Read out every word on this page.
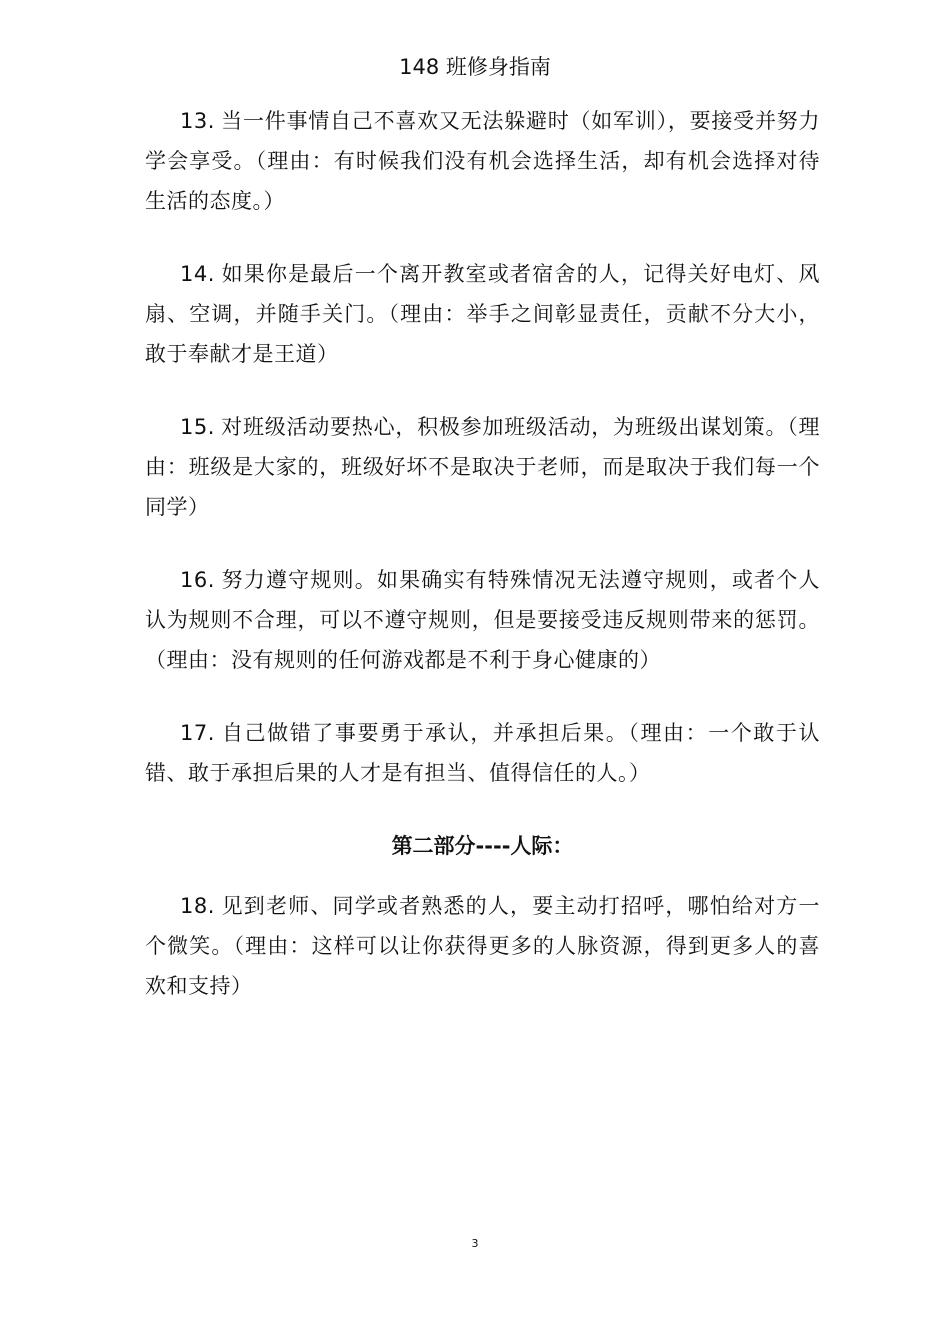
148 班修身指南

13. 当一件事情自己不喜欢又无法躲避时（如军训），要接受并努力学会享受。（理由：有时候我们没有机会选择生活，却有机会选择对待生活的态度。）

14. 如果你是最后一个离开教室或者宿舍的人，记得关好电灯、风扇、空调，并随手关门。（理由：举手之间彰显责任，贡献不分大小，敢于奉献才是王道）

15. 对班级活动要热心，积极参加班级活动，为班级出谋划策。（理由：班级是大家的，班级好坏不是取决于老师，而是取决于我们每一个同学）

16. 努力遵守规则。如果确实有特殊情况无法遵守规则，或者个人认为规则不合理，可以不遵守规则，但是要接受违反规则带来的惩罚。（理由：没有规则的任何游戏都是不利于身心健康的）

17. 自己做错了事要勇于承认，并承担后果。（理由：一个敢于认错、敢于承担后果的人才是有担当、值得信任的人。）

第二部分----人际：

18. 见到老师、同学或者熟悉的人，要主动打招呼，哪怕给对方一个微笑。（理由：这样可以让你获得更多的人脉资源，得到更多人的喜欢和支持）

3
